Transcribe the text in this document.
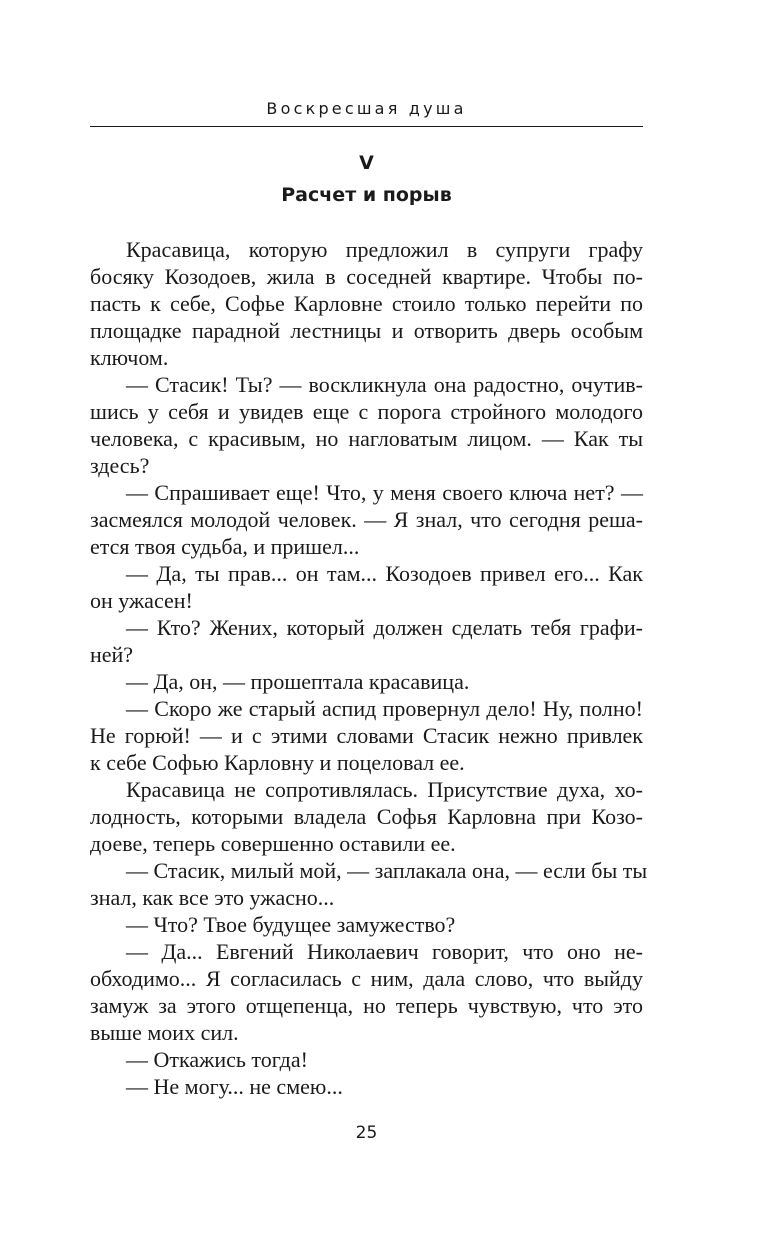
Воскресшая душа
V
Расчет и порыв
Красавица, которую предложил в супруги графу
босяку Козодоев, жила в соседней квартире. Чтобы по-
пасть к себе, Софье Карловне стоило только перейти по
площадке парадной лестницы и отворить дверь особым
ключом.
— Стасик! Ты? — воскликнула она радостно, очутив-
шись у себя и увидев еще с порога стройного молодого
человека, с красивым, но нагловатым лицом. — Как ты
здесь?
— Спрашивает еще! Что, у меня своего ключа нет? —
засмеялся молодой человек. — Я знал, что сегодня реша-
ется твоя судьба, и пришел...
— Да, ты прав... он там... Козодоев привел его... Как
он ужасен!
— Кто? Жених, который должен сделать тебя графи-
ней?
— Да, он, — прошептала красавица.
— Скоро же старый аспид провернул дело! Ну, полно!
Не горюй! — и с этими словами Стасик нежно привлек
к себе Софью Карловну и поцеловал ее.
Красавица не сопротивлялась. Присутствие духа, хо-
лодность, которыми владела Софья Карловна при Козо-
доеве, теперь совершенно оставили ее.
— Стасик, милый мой, — заплакала она, — если бы ты
знал, как все это ужасно...
— Что? Твое будущее замужество?
— Да... Евгений Николаевич говорит, что оно не-
обходимо... Я согласилась с ним, дала слово, что выйду
замуж за этого отщепенца, но теперь чувствую, что это
выше моих сил.
— Откажись тогда!
— Не могу... не смею...
25
